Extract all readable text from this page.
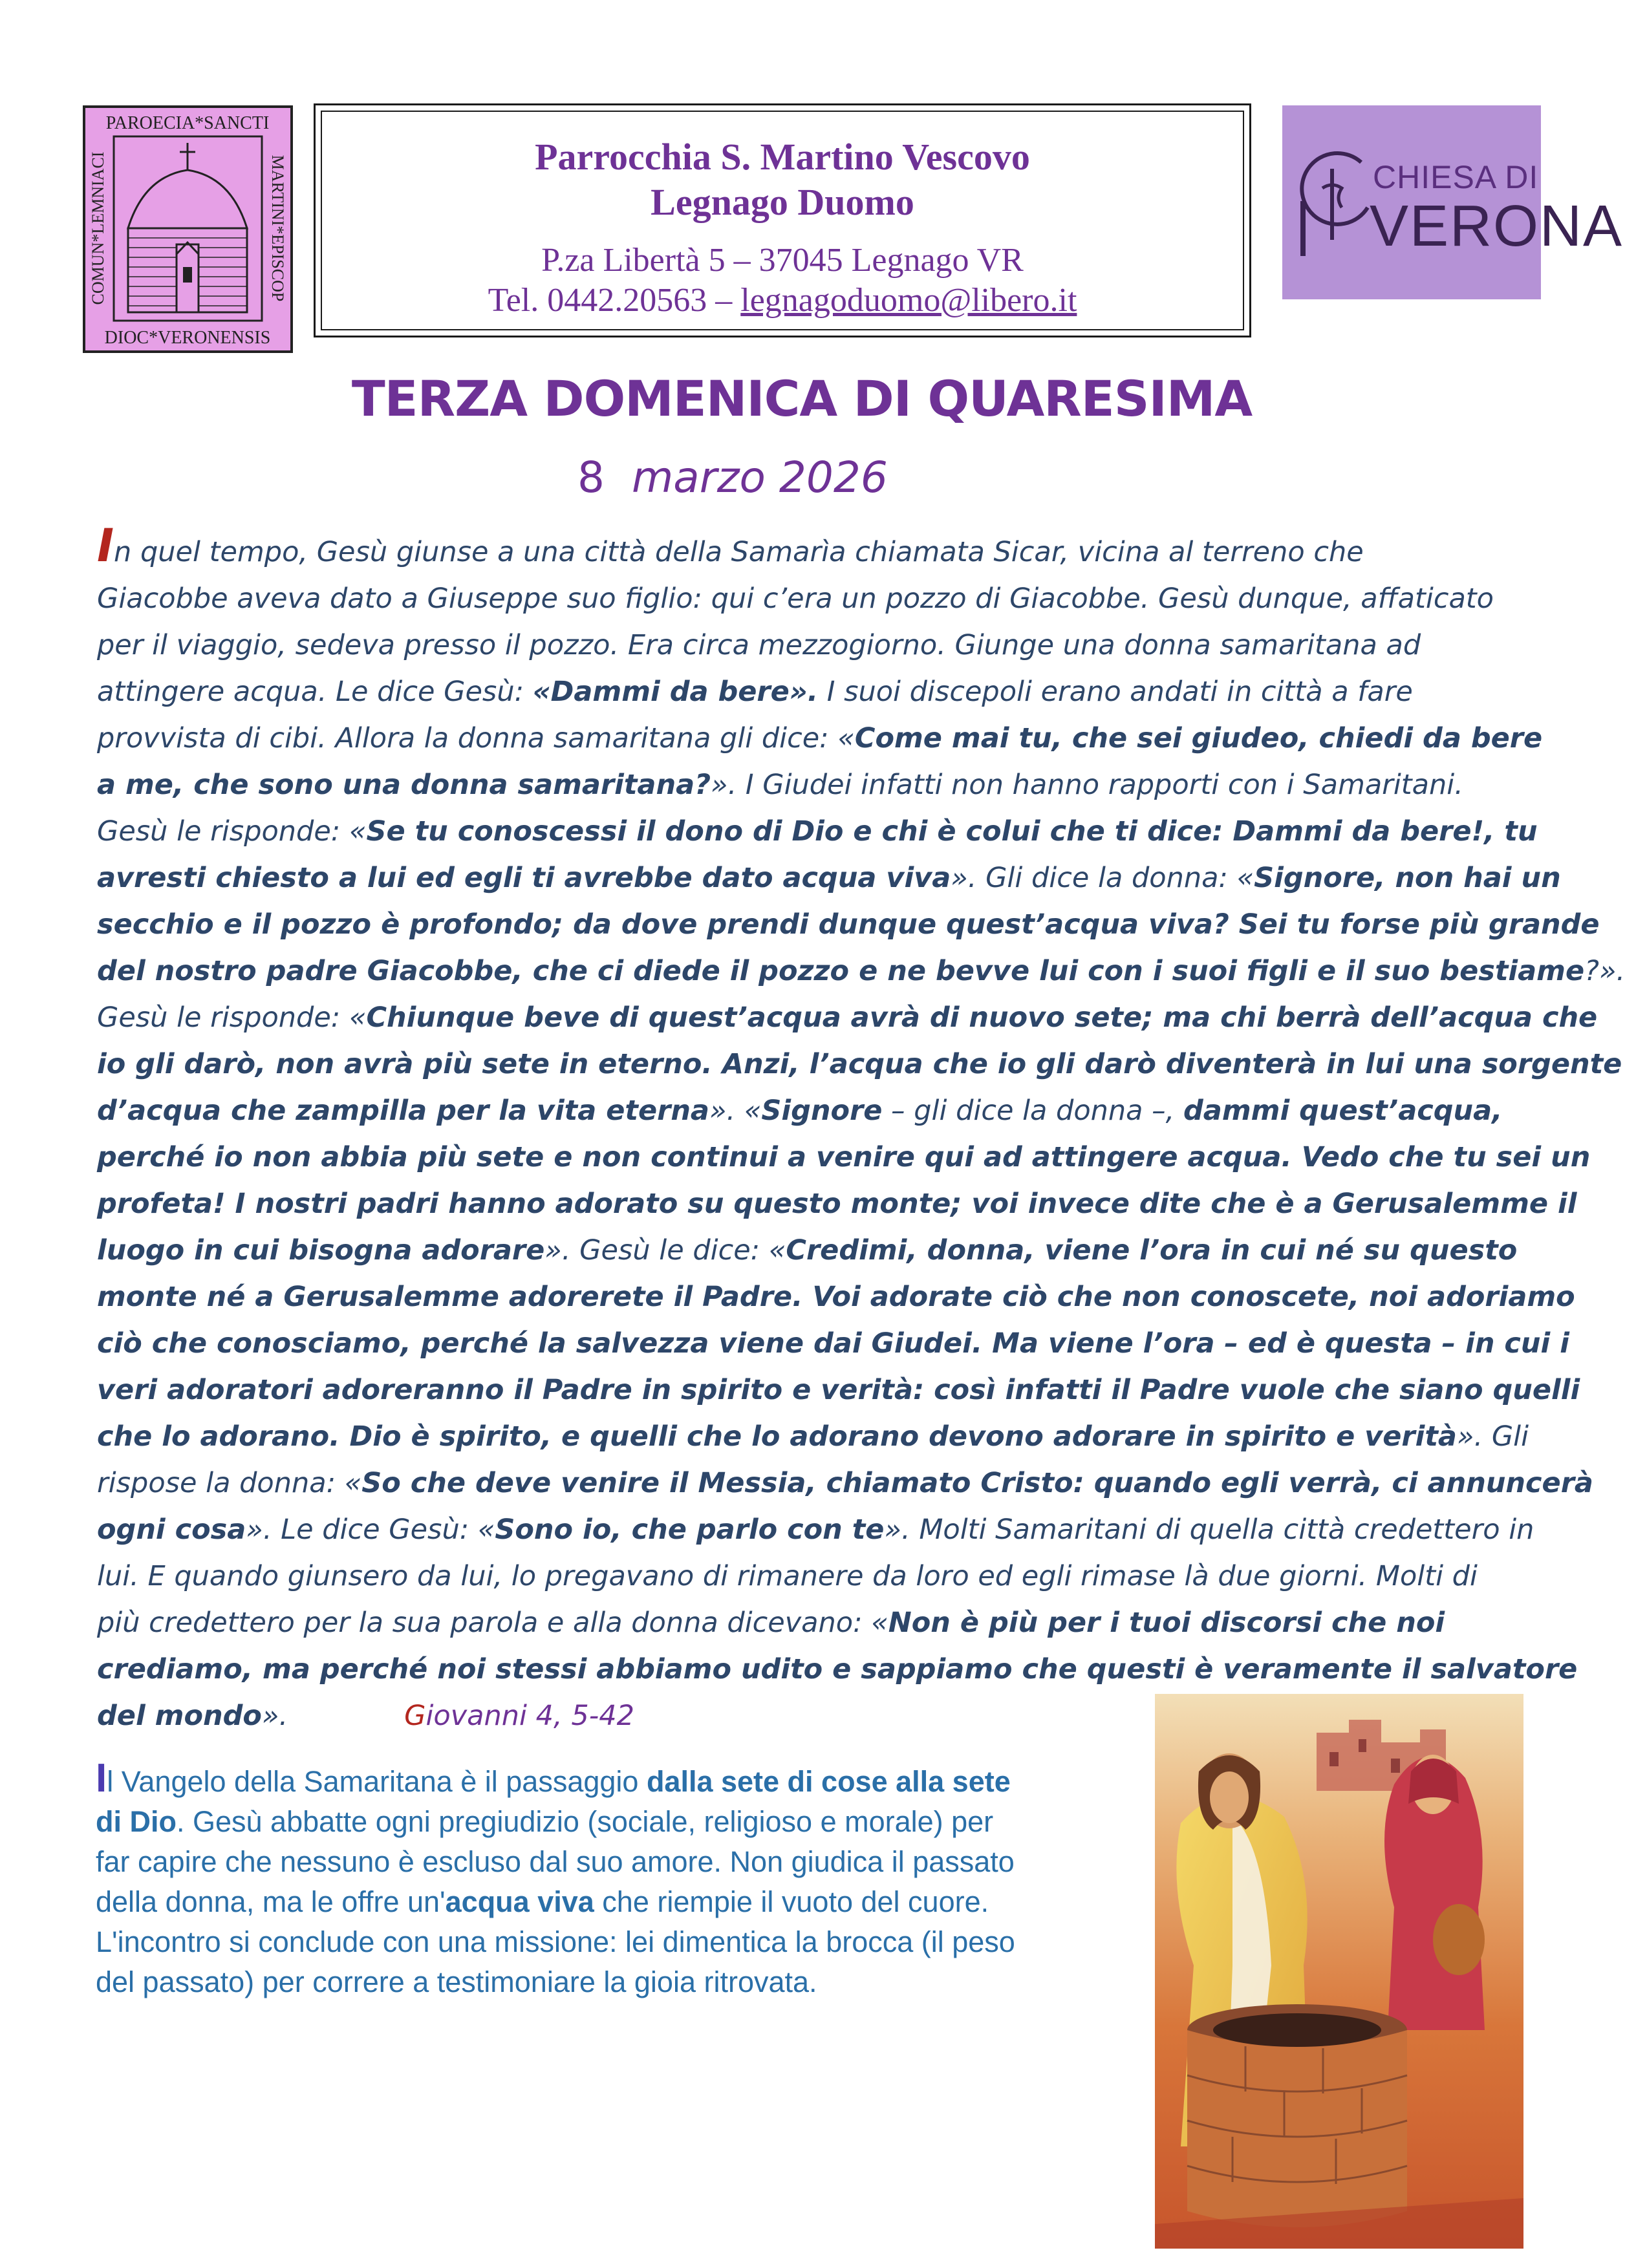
PAROECIA*SANCTI
DIOC*VERONENSIS
COMUN*LEMNIACI	MARTINI*EPISCOP	Parrocchia S. Martino Vescovo
Legnago Duomo
P.za Libertà 5 – 37045 Legnago VR
Tel. 0442.20563 – legnagoduomo@libero.it
CHIESA DI
VERONA
TERZA DOMENICA DI QUARESIMA
8 marzo 2026
In quel tempo, Gesù giunse a una città della Samarìa chiamata Sicar, vicina al terreno che
Giacobbe aveva dato a Giuseppe suo figlio: qui c’era un pozzo di Giacobbe. Gesù dunque, affaticato
per il viaggio, sedeva presso il pozzo. Era circa mezzogiorno. Giunge una donna samaritana ad
attingere acqua. Le dice Gesù: «Dammi da bere». I suoi discepoli erano andati in città a fare
provvista di cibi. Allora la donna samaritana gli dice: «Come mai tu, che sei giudeo, chiedi da bere
a me, che sono una donna samaritana?». I Giudei infatti non hanno rapporti con i Samaritani.
Gesù le risponde: «Se tu conoscessi il dono di Dio e chi è colui che ti dice: Dammi da bere!, tu
avresti chiesto a lui ed egli ti avrebbe dato acqua viva». Gli dice la donna: «Signore, non hai un
secchio e il pozzo è profondo; da dove prendi dunque quest’acqua viva? Sei tu forse più grande
del nostro padre Giacobbe, che ci diede il pozzo e ne bevve lui con i suoi figli e il suo bestiame?».
Gesù le risponde: «Chiunque beve di quest’acqua avrà di nuovo sete; ma chi berrà dell’acqua che
io gli darò, non avrà più sete in eterno. Anzi, l’acqua che io gli darò diventerà in lui una sorgente
d’acqua che zampilla per la vita eterna». «Signore – gli dice la donna –, dammi quest’acqua,
perché io non abbia più sete e non continui a venire qui ad attingere acqua. Vedo che tu sei un
profeta! I nostri padri hanno adorato su questo monte; voi invece dite che è a Gerusalemme il
luogo in cui bisogna adorare». Gesù le dice: «Credimi, donna, viene l’ora in cui né su questo
monte né a Gerusalemme adorerete il Padre. Voi adorate ciò che non conoscete, noi adoriamo
ciò che conosciamo, perché la salvezza viene dai Giudei. Ma viene l’ora – ed è questa – in cui i
veri adoratori adoreranno il Padre in spirito e verità: così infatti il Padre vuole che siano quelli
che lo adorano. Dio è spirito, e quelli che lo adorano devono adorare in spirito e verità». Gli
rispose la donna: «So che deve venire il Messia, chiamato Cristo: quando egli verrà, ci annuncerà
ogni cosa». Le dice Gesù: «Sono io, che parlo con te». Molti Samaritani di quella città credettero in
lui. E quando giunsero da lui, lo pregavano di rimanere da loro ed egli rimase là due giorni. Molti di
più credettero per la sua parola e alla donna dicevano: «Non è più per i tuoi discorsi che noi
crediamo, ma perché noi stessi abbiamo udito e sappiamo che questi è veramente il salvatore
del mondo».	Giovanni 4, 5-42
Il Vangelo della Samaritana è il passaggio dalla sete di cose alla sete
di Dio. Gesù abbatte ogni pregiudizio (sociale, religioso e morale) per
far capire che nessuno è escluso dal suo amore. Non giudica il passato
della donna, ma le offre un'acqua viva che riempie il vuoto del cuore.
L'incontro si conclude con una missione: lei dimentica la brocca (il peso
del passato) per correre a testimoniare la gioia ritrovata.
